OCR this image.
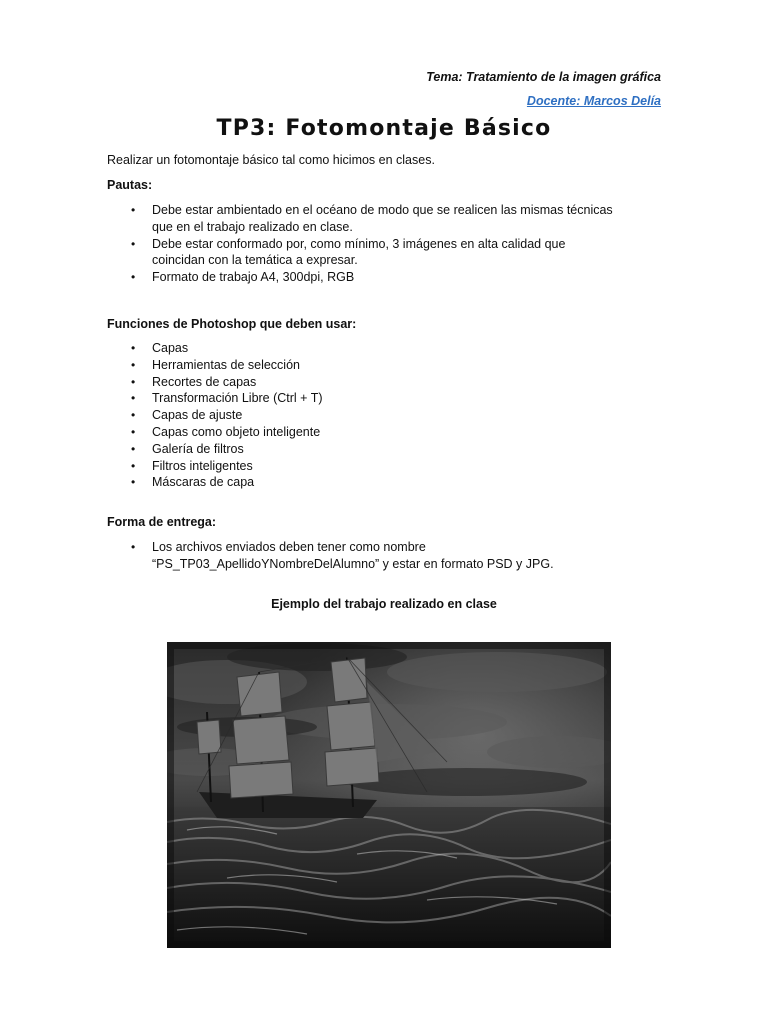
Tema: Tratamiento de la imagen gráfica
Docente: Marcos Delía
TP3: Fotomontaje Básico
Realizar un fotomontaje básico tal como hicimos en clases.
Pautas:
• Debe estar ambientado en el océano de modo que se realicen las mismas técnicas
que en el trabajo realizado en clase.
• Debe estar conformado por, como mínimo, 3 imágenes en alta calidad que
coincidan con la temática a expresar.
• Formato de trabajo A4, 300dpi, RGB
Funciones de Photoshop que deben usar:
• Capas
• Herramientas de selección
• Recortes de capas
• Transformación Libre (Ctrl + T)
• Capas de ajuste
• Capas como objeto inteligente
• Galería de filtros
• Filtros inteligentes
• Máscaras de capa
Forma de entrega:
• Los archivos enviados deben tener como nombre
“PS_TP03_ApellidoYNombreDelAlumno” y estar en formato PSD y JPG.
Ejemplo del trabajo realizado en clase
